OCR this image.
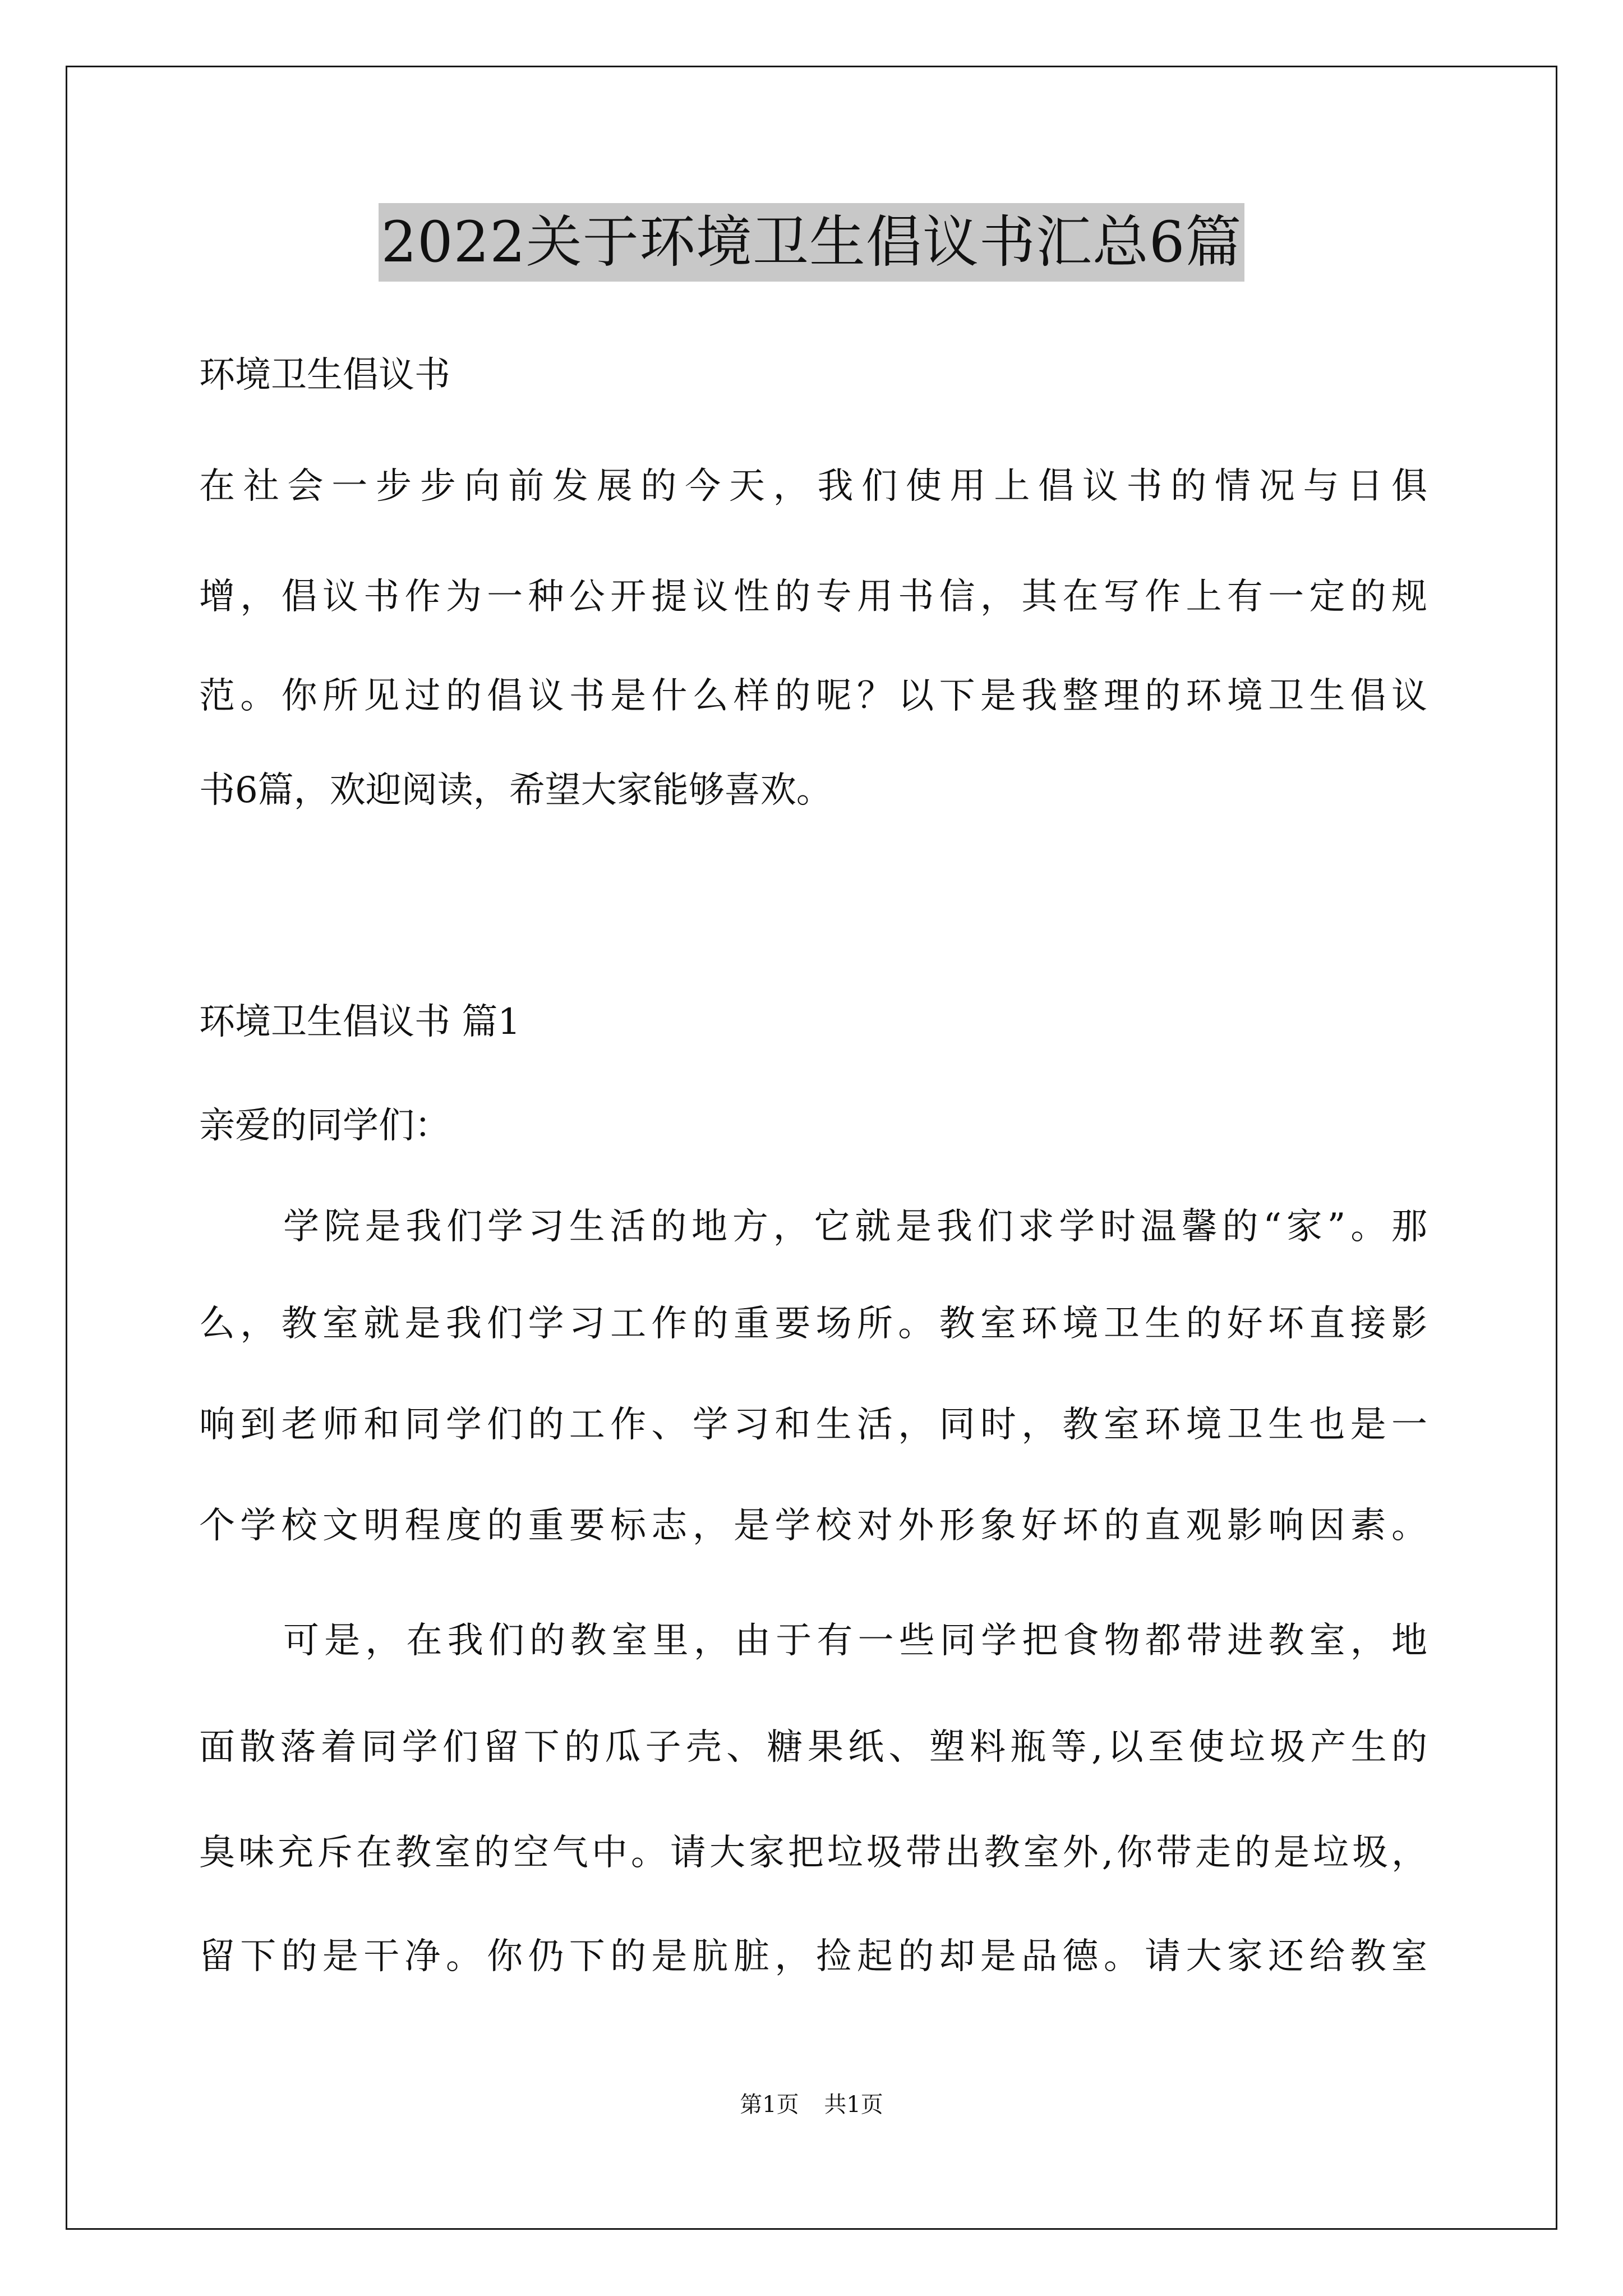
2022关于环境卫生倡议书汇总6篇
环境卫生倡议书
在社会一步步向前发展的今天，我们使用上倡议书的情况与日俱
增，倡议书作为一种公开提议性的专用书信，其在写作上有一定的规
范。你所见过的倡议书是什么样的呢？以下是我整理的环境卫生倡议
书6篇，欢迎阅读，希望大家能够喜欢。
环境卫生倡议书 篇1
亲爱的同学们：
学院是我们学习生活的地方，它就是我们求学时温馨的“家”。那
么，教室就是我们学习工作的重要场所。教室环境卫生的好坏直接影
响到老师和同学们的工作、学习和生活，同时，教室环境卫生也是一
个学校文明程度的重要标志，是学校对外形象好坏的直观影响因素。
可是，在我们的教室里，由于有一些同学把食物都带进教室，地
面散落着同学们留下的瓜子壳、糖果纸、塑料瓶等,以至使垃圾产生的
臭味充斥在教室的空气中。请大家把垃圾带出教室外,你带走的是垃圾，
留下的是干净。你仍下的是肮脏，捡起的却是品德。请大家还给教室
第1页 共1页
